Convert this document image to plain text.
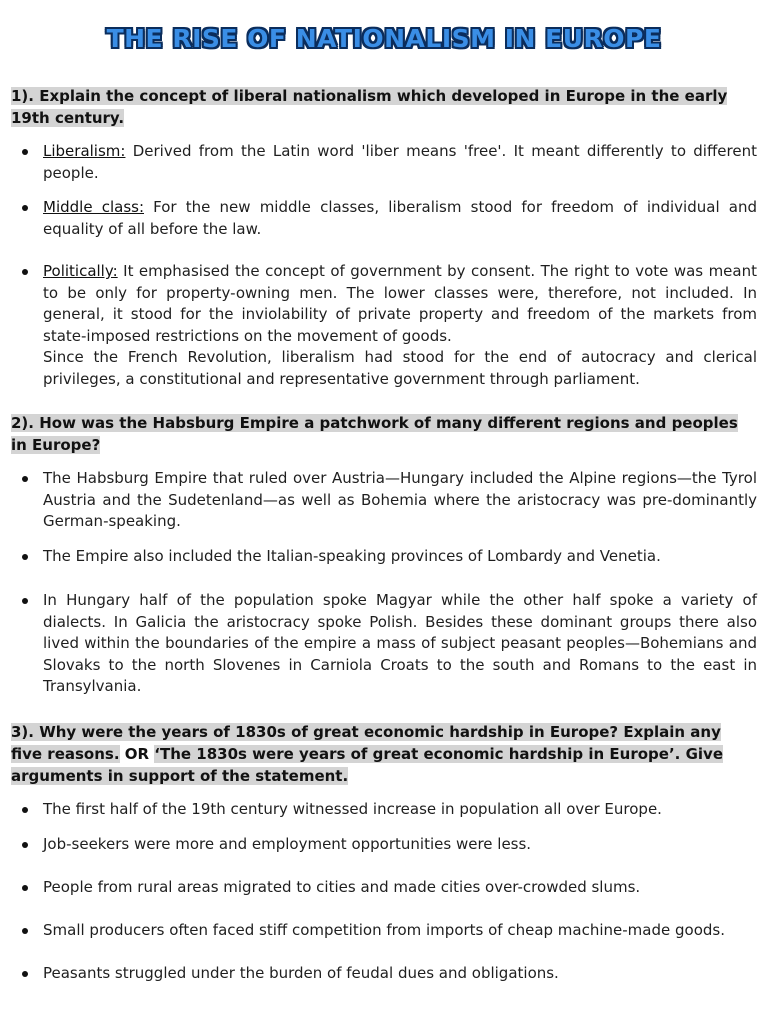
THE RISE OF NATIONALISM IN EUROPE
1). Explain the concept of liberal nationalism which developed in Europe in the early 19th century.
Liberalism: Derived from the Latin word 'liber means 'free'. It meant differently to different people.
Middle class: For the new middle classes, liberalism stood for freedom of individual and equality of all before the law.
Politically: It emphasised the concept of government by consent. The right to vote was meant to be only for property-owning men. The lower classes were, therefore, not included. In general, it stood for the inviolability of private property and freedom of the markets from state-imposed restrictions on the movement of goods.
Since the French Revolution, liberalism had stood for the end of autocracy and clerical privileges, a constitutional and representative government through parliament.
2). How was the Habsburg Empire a patchwork of many different regions and peoples in Europe?
The Habsburg Empire that ruled over Austria—Hungary included the Alpine regions—the Tyrol Austria and the Sudetenland—as well as Bohemia where the aristocracy was pre-dominantly German-speaking.
The Empire also included the Italian-speaking provinces of Lombardy and Venetia.
In Hungary half of the population spoke Magyar while the other half spoke a variety of dialects. In Galicia the aristocracy spoke Polish. Besides these dominant groups there also lived within the boundaries of the empire a mass of subject peasant peoples—Bohemians and Slovaks to the north Slovenes in Carniola Croats to the south and Romans to the east in Transylvania.
3). Why were the years of 1830s of great economic hardship in Europe? Explain any five reasons. OR ‘The 1830s were years of great economic hardship in Europe’. Give arguments in support of the statement.
The first half of the 19th century witnessed increase in population all over Europe.
Job-seekers were more and employment opportunities were less.
People from rural areas migrated to cities and made cities over-crowded slums.
Small producers often faced stiff competition from imports of cheap machine-made goods.
Peasants struggled under the burden of feudal dues and obligations.
